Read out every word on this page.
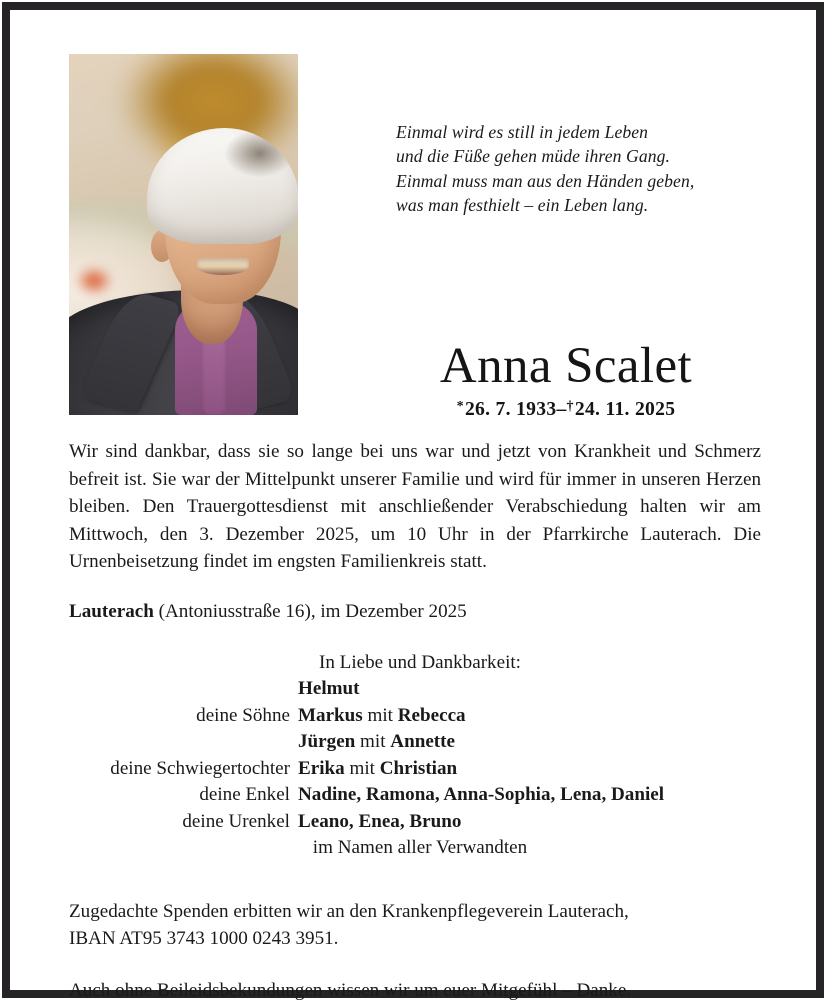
Einmal wird es still in jedem Leben
und die Füße gehen müde ihren Gang.
Einmal muss man aus den Händen geben,
was man festhielt – ein Leben lang.
Anna Scalet
*26. 7. 1933–†24. 11. 2025
Wir sind dankbar, dass sie so lange bei uns war und jetzt von Krankheit und Schmerz befreit ist. Sie war der Mittelpunkt unserer Familie und wird für immer in unseren Herzen bleiben. Den Trauergottesdienst mit anschließender Verabschiedung halten wir am Mittwoch, den 3. Dezember 2025, um 10 Uhr in der Pfarrkirche Lauterach. Die Urnenbeisetzung findet im engsten Familienkreis statt.
Lauterach (Antoniusstraße 16), im Dezember 2025
In Liebe und Dankbarkeit:
Helmut
deine Söhne Markus mit Rebecca
Jürgen mit Annette
deine Schwiegertochter Erika mit Christian
deine Enkel Nadine, Ramona, Anna-Sophia, Lena, Daniel
deine Urenkel Leano, Enea, Bruno
im Namen aller Verwandten
Zugedachte Spenden erbitten wir an den Krankenpflegeverein Lauterach,
IBAN AT95 3743 1000 0243 3951.
Auch ohne Beileidsbekundungen wissen wir um euer Mitgefühl – Danke.
